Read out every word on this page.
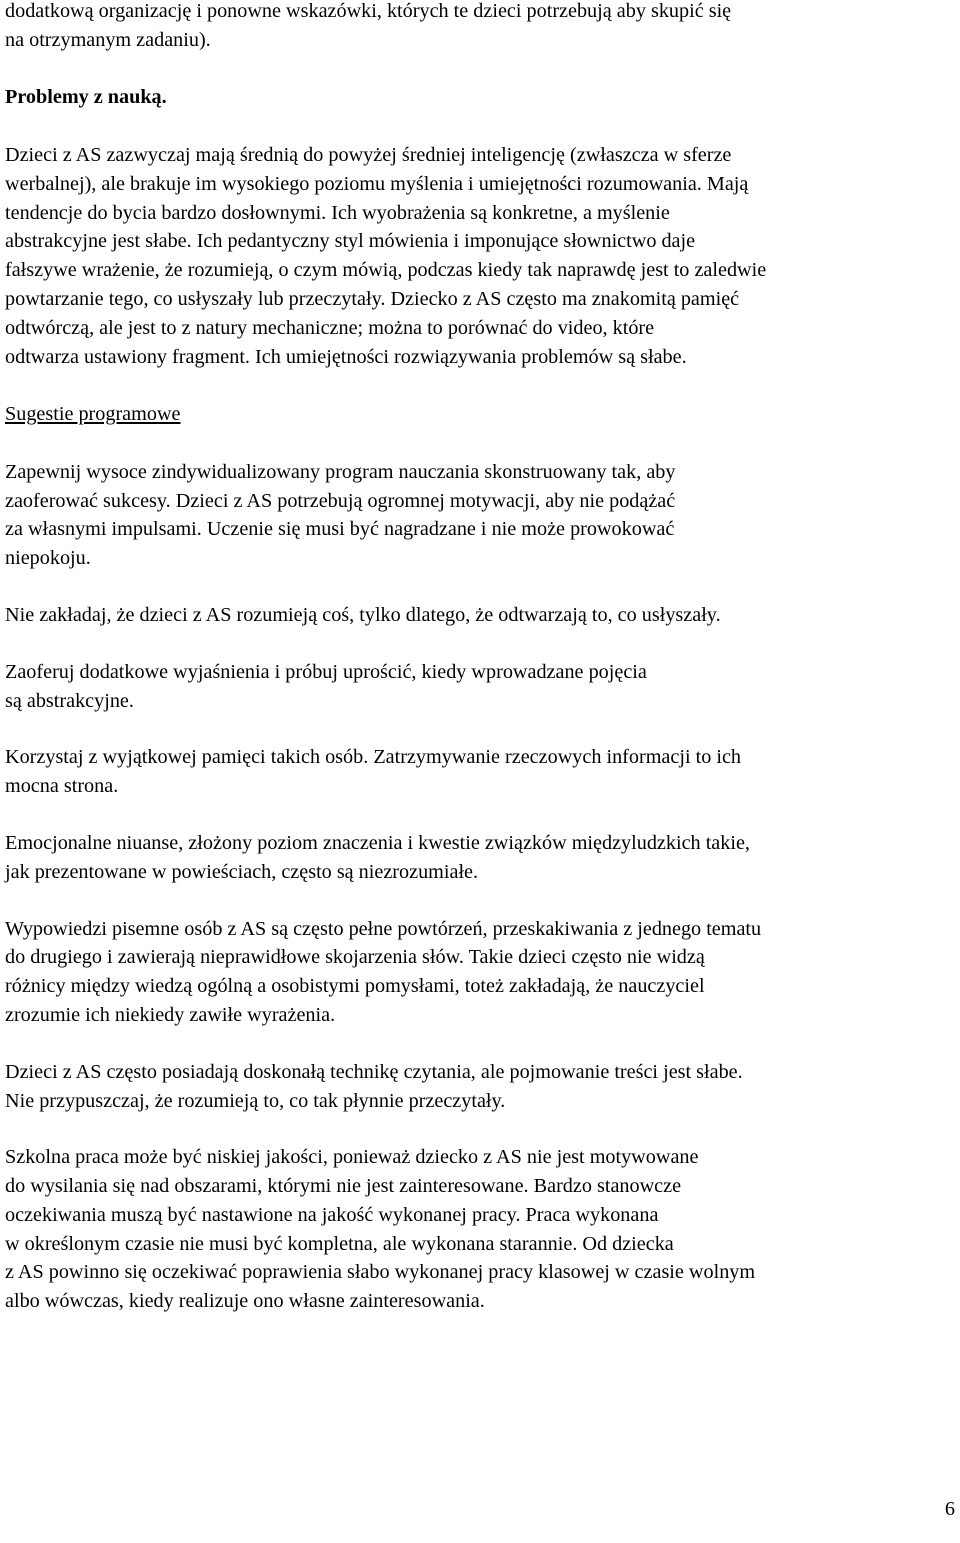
dodatkową organizację i ponowne wskazówki, których te dzieci potrzebują aby skupić się
na otrzymanym zadaniu).

Problemy z nauką.

Dzieci z AS zazwyczaj mają średnią do powyżej średniej inteligencję (zwłaszcza w sferze
werbalnej), ale brakuje im wysokiego poziomu myślenia i umiejętności rozumowania. Mają
tendencje do bycia bardzo dosłownymi. Ich wyobrażenia są konkretne, a myślenie
abstrakcyjne jest słabe. Ich pedantyczny styl mówienia i imponujące słownictwo daje
fałszywe wrażenie, że rozumieją, o czym mówią, podczas kiedy tak naprawdę jest to zaledwie
powtarzanie tego, co usłyszały lub przeczytały. Dziecko z AS często ma znakomitą pamięć
odtwórczą, ale jest to z natury mechaniczne; można to porównać do video, które
odtwarza ustawiony fragment. Ich umiejętności rozwiązywania problemów są słabe.

Sugestie programowe

Zapewnij wysoce zindywidualizowany program nauczania skonstruowany tak, aby
zaoferować sukcesy. Dzieci z AS potrzebują ogromnej motywacji, aby nie podążać
za własnymi impulsami. Uczenie się musi być nagradzane i nie może prowokować
niepokoju.

Nie zakładaj, że dzieci z AS rozumieją coś, tylko dlatego, że odtwarzają to, co usłyszały.

Zaoferuj dodatkowe wyjaśnienia i próbuj uprościć, kiedy wprowadzane pojęcia
są abstrakcyjne.

Korzystaj z wyjątkowej pamięci takich osób. Zatrzymywanie rzeczowych informacji to ich
mocna strona.

Emocjonalne niuanse, złożony poziom znaczenia i kwestie związków międzyludzkich takie,
jak prezentowane w powieściach, często są niezrozumiałe.

Wypowiedzi pisemne osób z AS są często pełne powtórzeń, przeskakiwania z jednego tematu
do drugiego i zawierają nieprawidłowe skojarzenia słów. Takie dzieci często nie widzą
różnicy między wiedzą ogólną a osobistymi pomysłami, toteż zakładają, że nauczyciel
zrozumie ich niekiedy zawiłe wyrażenia.

Dzieci z AS często posiadają doskonałą technikę czytania, ale pojmowanie treści jest słabe.
Nie przypuszczaj, że rozumieją to, co tak płynnie przeczytały.

Szkolna praca może być niskiej jakości, ponieważ dziecko z AS nie jest motywowane
do wysilania się nad obszarami, którymi nie jest zainteresowane. Bardzo stanowcze
oczekiwania muszą być nastawione na jakość wykonanej pracy. Praca wykonana
w określonym czasie nie musi być kompletna, ale wykonana starannie. Od dziecka
z AS powinno się oczekiwać poprawienia słabo wykonanej pracy klasowej w czasie wolnym
albo wówczas, kiedy realizuje ono własne zainteresowania.

6
